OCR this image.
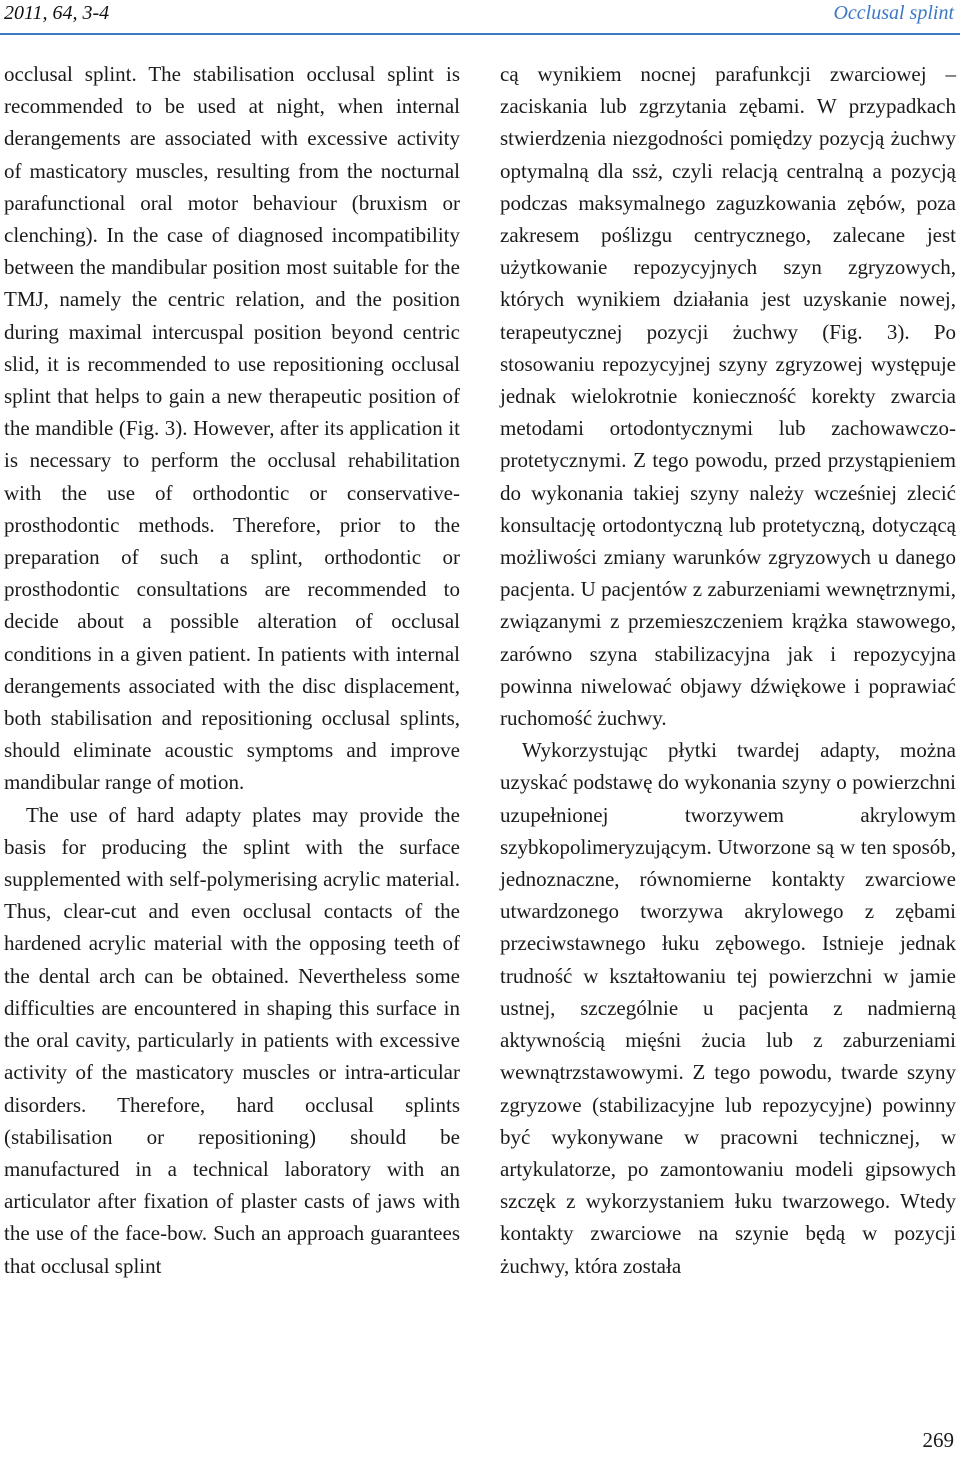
2011, 64, 3-4	Occlusal splint

occlusal splint. The stabilisation occlusal splint is recommended to be used at night, when internal derangements are associated with excessive activity of masticatory muscles, resulting from the nocturnal parafunctional oral motor behaviour (bruxism or clenching). In the case of diagnosed incompatibility between the mandibular position most suitable for the TMJ, namely the centric relation, and the position during maximal intercuspal position beyond centric slid, it is recommended to use repositioning occlusal splint that helps to gain a new therapeutic position of the mandible (Fig. 3). However, after its application it is necessary to perform the occlusal rehabilitation with the use of orthodontic or conservative-prosthodontic methods. Therefore, prior to the preparation of such a splint, orthodontic or prosthodontic consultations are recommended to decide about a possible alteration of occlusal conditions in a given patient. In patients with internal derangements associated with the disc displacement, both stabilisation and repositioning occlusal splints, should eliminate acoustic symptoms and improve mandibular range of motion.

The use of hard adapty plates may provide the basis for producing the splint with the surface supplemented with self-polymerising acrylic material. Thus, clear-cut and even occlusal contacts of the hardened acrylic material with the opposing teeth of the dental arch can be obtained. Nevertheless some difficulties are encountered in shaping this surface in the oral cavity, particularly in patients with excessive activity of the masticatory muscles or intra-articular disorders. Therefore, hard occlusal splints (stabilisation or repositioning) should be manufactured in a technical laboratory with an articulator after fixation of plaster casts of jaws with the use of the face-bow. Such an approach guarantees that occlusal splint

cą wynikiem nocnej parafunkcji zwarciowej – zaciskania lub zgrzytania zębami. W przypadkach stwierdzenia niezgodności pomiędzy pozycją żuchwy optymalną dla ssż, czyli relacją centralną a pozycją podczas maksymalnego zaguzkowania zębów, poza zakresem poślizgu centrycznego, zalecane jest użytkowanie repozycyjnych szyn zgryzowych, których wynikiem działania jest uzyskanie nowej, terapeutycznej pozycji żuchwy (Fig. 3). Po stosowaniu repozycyjnej szyny zgryzowej występuje jednak wielokrotnie konieczność korekty zwarcia metodami ortodontycznymi lub zachowawczo-protetycznymi. Z tego powodu, przed przystąpieniem do wykonania takiej szyny należy wcześniej zlecić konsultację ortodontyczną lub protetyczną, dotyczącą możliwości zmiany warunków zgryzowych u danego pacjenta. U pacjentów z zaburzeniami wewnętrznymi, związanymi z przemieszczeniem krążka stawowego, zarówno szyna stabilizacyjna jak i repozycyjna powinna niwelować objawy dźwiękowe i poprawiać ruchomość żuchwy.

Wykorzystując płytki twardej adapty, można uzyskać podstawę do wykonania szyny o powierzchni uzupełnionej tworzywem akrylowym szybkopolimeryzującym. Utworzone są w ten sposób, jednoznaczne, równomierne kontakty zwarciowe utwardzonego tworzywa akrylowego z zębami przeciwstawnego łuku zębowego. Istnieje jednak trudność w kształtowaniu tej powierzchni w jamie ustnej, szczególnie u pacjenta z nadmierną aktywnością mięśni żucia lub z zaburzeniami wewnątrzstawowymi. Z tego powodu, twarde szyny zgryzowe (stabilizacyjne lub repozycyjne) powinny być wykonywane w pracowni technicznej, w artykulatorze, po zamontowaniu modeli gipsowych szczęk z wykorzystaniem łuku twarzowego. Wtedy kontakty zwarciowe na szynie będą w pozycji żuchwy, która została

269
